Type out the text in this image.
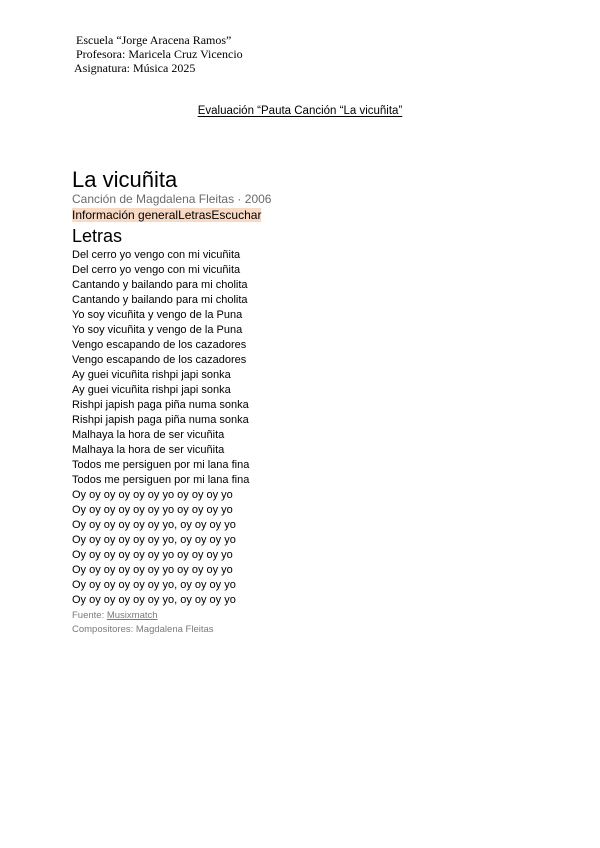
Escuela “Jorge Aracena Ramos”
Profesora: Maricela Cruz Vicencio
Asignatura: Música 2025
Evaluación “Pauta Canción “La vicuñita”
La vicuñita
Canción de Magdalena Fleitas · 2006
Información generalLetrasEscuchar
Letras
Del cerro yo vengo con mi vicuñita
Del cerro yo vengo con mi vicuñita
Cantando y bailando para mi cholita
Cantando y bailando para mi cholita
Yo soy vicuñita y vengo de la Puna
Yo soy vicuñita y vengo de la Puna
Vengo escapando de los cazadores
Vengo escapando de los cazadores
Ay guei vicuñita rishpi japi sonka
Ay guei vicuñita rishpi japi sonka
Rishpi japish paga piña numa sonka
Rishpi japish paga piña numa sonka
Malhaya la hora de ser vicuñita
Malhaya la hora de ser vicuñita
Todos me persiguen por mi lana fina
Todos me persiguen por mi lana fina
Oy oy oy oy oy oy yo oy oy oy yo
Oy oy oy oy oy oy yo oy oy oy yo
Oy oy oy oy oy oy yo, oy oy oy yo
Oy oy oy oy oy oy yo, oy oy oy yo
Oy oy oy oy oy oy yo oy oy oy yo
Oy oy oy oy oy oy yo oy oy oy yo
Oy oy oy oy oy oy yo, oy oy oy yo
Oy oy oy oy oy oy yo, oy oy oy yo
Fuente: Musixmatch
Compositores: Magdalena Fleitas
